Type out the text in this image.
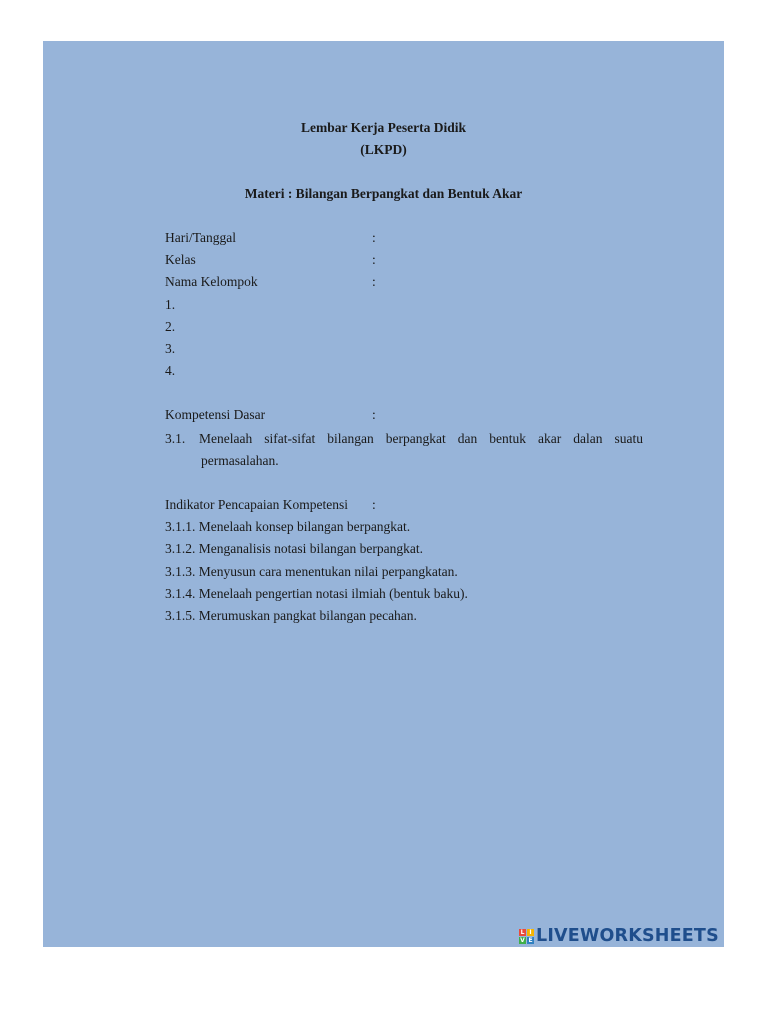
Lembar Kerja Peserta Didik
(LKPD)
Materi : Bilangan Berpangkat dan Bentuk Akar
Hari/Tanggal	:
Kelas	:
Nama Kelompok	:
1.
2.
3.
4.
Kompetensi Dasar	:
3.1. Menelaah sifat-sifat bilangan berpangkat dan bentuk akar dalan suatu
permasalahan.
Indikator Pencapaian Kompetensi :
3.1.1. Menelaah konsep bilangan berpangkat.
3.1.2. Menganalisis notasi bilangan berpangkat.
3.1.3. Menyusun cara menentukan nilai perpangkatan.
3.1.4. Menelaah pengertian notasi ilmiah (bentuk baku).
3.1.5. Merumuskan pangkat bilangan pecahan.
L I
V E LIVEWORKSHEETS
